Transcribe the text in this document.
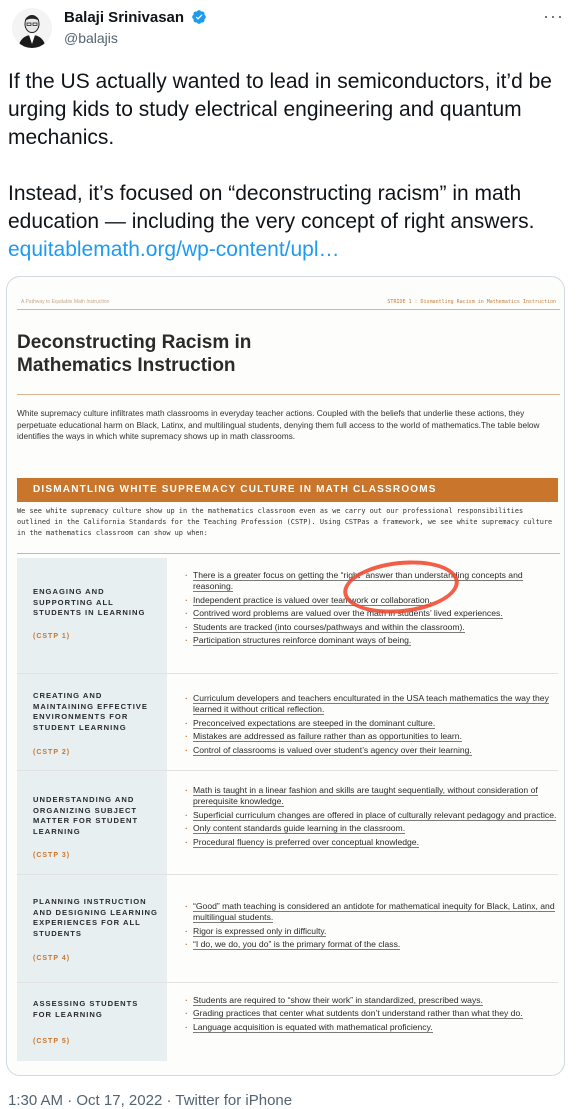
Balaji Srinivasan
@balajis
···

If the US actually wanted to lead in semiconductors, it’d be urging kids to study electrical engineering and quantum mechanics.

Instead, it’s focused on “deconstructing racism” in math education — including the very concept of right answers. equitablemath.org/wp-content/upl…

A Pathway to Equitable Math Instruction	STRIDE 1 : Dismantling Racism in Mathematics Instruction
Deconstructing Racism in
Mathematics Instruction
White supremacy culture infiltrates math classrooms in everyday teacher actions. Coupled with the beliefs that underlie these actions, they perpetuate educational harm on Black, Latinx, and multilingual students, denying them full access to the world of mathematics.The table below identifies the ways in which white supremacy shows up in math classrooms.
DISMANTLING WHITE SUPREMACY CULTURE IN MATH CLASSROOMS
We see white supremacy culture show up in the mathematics classroom even as we carry out our professional responsibilities outlined in the California Standards for the Teaching Profession (CSTP). Using CSTPas a framework, we see white supremacy culture in the mathematics classroom can show up when:
ENGAGING AND SUPPORTING ALL STUDENTS IN LEARNING
(CSTP 1)
· There is a greater focus on getting the “right” answer than understanding concepts and reasoning.
· Independent practice is valued over teamwork or collaboration.
· Contrived word problems are valued over the math in students’ lived experiences.
· Students are tracked (into courses/pathways and within the classroom).
· Participation structures reinforce dominant ways of being.
CREATING AND MAINTAINING EFFECTIVE ENVIRONMENTS FOR STUDENT LEARNING
(CSTP 2)
· Curriculum developers and teachers enculturated in the USA teach mathematics the way they learned it without critical reflection.
· Preconceived expectations are steeped in the dominant culture.
· Mistakes are addressed as failure rather than as opportunities to learn.
· Control of classrooms is valued over student’s agency over their learning.
UNDERSTANDING AND ORGANIZING SUBJECT MATTER FOR STUDENT LEARNING
(CSTP 3)
· Math is taught in a linear fashion and skills are taught sequentially, without consideration of prerequisite knowledge.
· Superficial curriculum changes are offered in place of culturally relevant pedagogy and practice.
· Only content standards guide learning in the classroom.
· Procedural fluency is preferred over conceptual knowledge.
PLANNING INSTRUCTION AND DESIGNING LEARNING EXPERIENCES FOR ALL STUDENTS
(CSTP 4)
· “Good” math teaching is considered an antidote for mathematical inequity for Black, Latinx, and multilingual students.
· Rigor is expressed only in difficulty.
· “I do, we do, you do” is the primary format of the class.
ASSESSING STUDENTS FOR LEARNING
(CSTP 5)
· Students are required to “show their work” in standardized, prescribed ways.
· Grading practices that center what sutdents don’t understand rather than what they do.
· Language acquisition is equated with mathematical proficiency.
1:30 AM · Oct 17, 2022 · Twitter for iPhone
